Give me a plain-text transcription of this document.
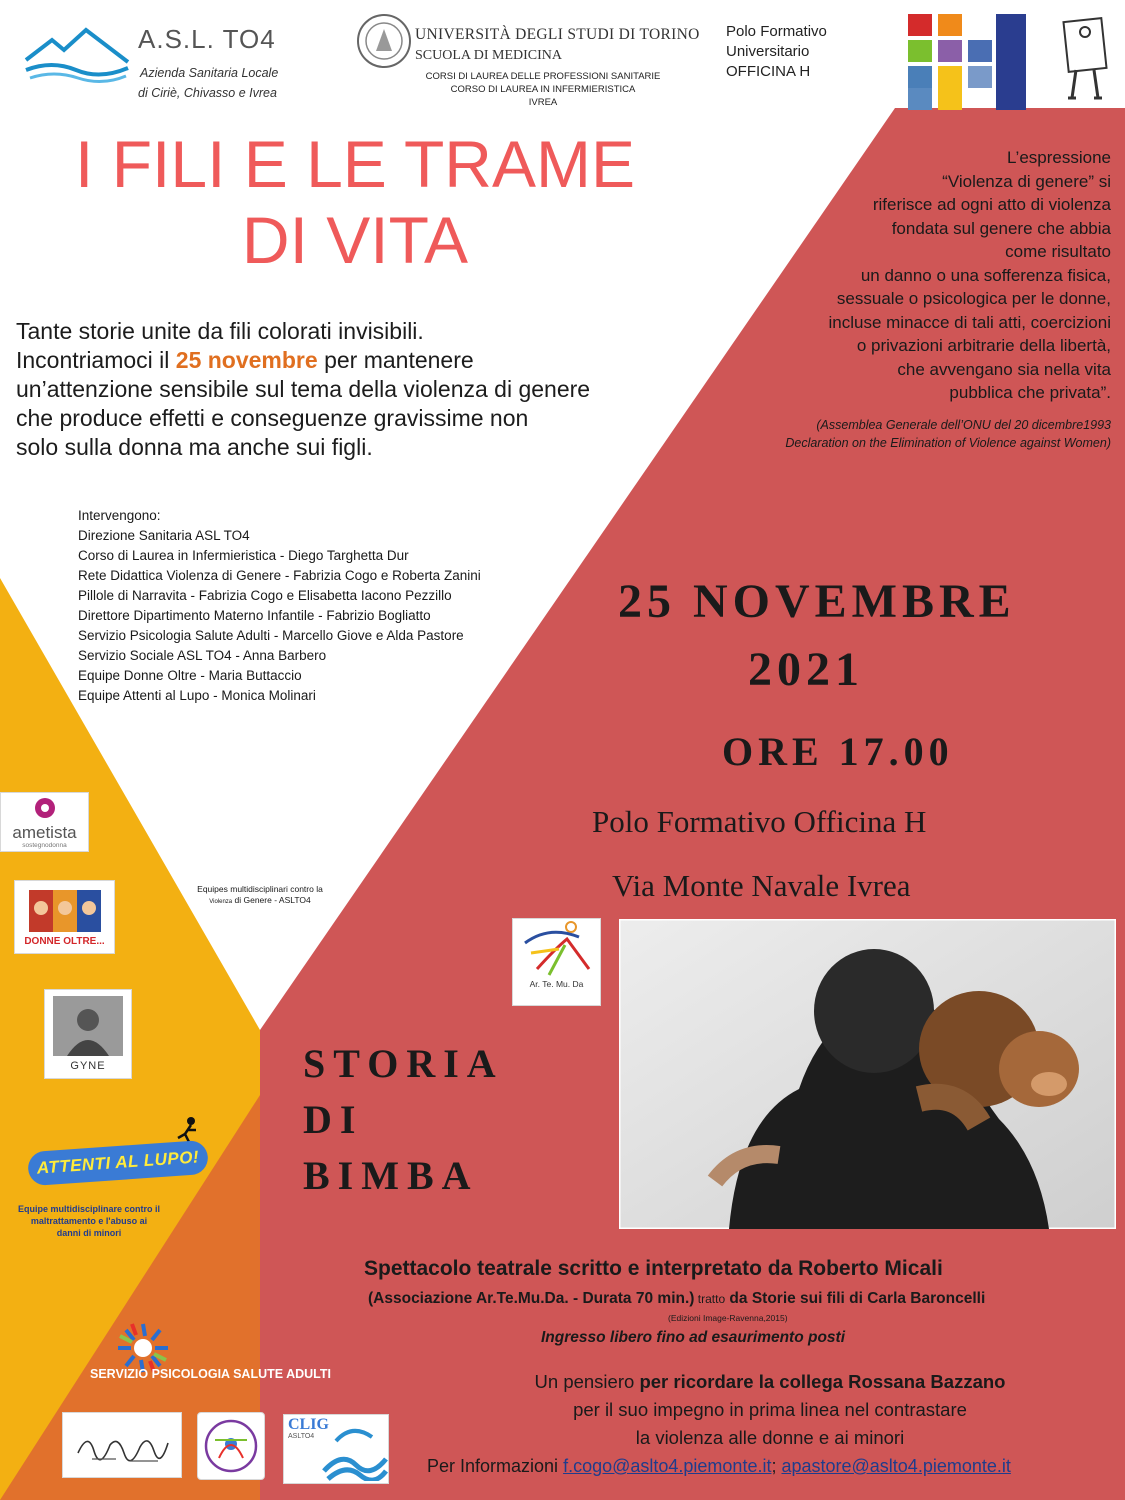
A.S.L. TO4
Azienda Sanitaria Locale
di Ciriè, Chivasso e Ivrea
UNIVERSITÀ DEGLI STUDI DI TORINO
SCUOLA DI MEDICINA
CORSI DI LAUREA DELLE PROFESSIONI SANITARIE
CORSO DI LAUREA IN INFERMIERISTICA
IVREA
Polo Formativo
Universitario
OFFICINA H
I FILI E LE TRAME
DI VITA
Tante storie unite da fili colorati invisibili.
Incontriamoci il 25 novembre per mantenere
un’attenzione sensibile sul tema della violenza di genere
che produce effetti e conseguenze gravissime non
solo sulla donna ma anche sui figli.
L’espressione
“Violenza di genere” si
riferisce ad ogni atto di violenza
fondata sul genere che abbia
come risultato
un danno o una sofferenza fisica,
sessuale o psicologica per le donne,
incluse minacce di tali atti, coercizioni
o privazioni arbitrarie della libertà,
che avvengano sia nella vita
pubblica che privata”.
(Assemblea Generale dell’ONU del 20 dicembre1993
Declaration on the Elimination of Violence against Women)
Intervengono:
Direzione Sanitaria ASL TO4
Corso di Laurea in Infermieristica - Diego Targhetta Dur
Rete Didattica Violenza di Genere - Fabrizia Cogo e Roberta Zanini
Pillole di Narravita - Fabrizia Cogo e Elisabetta Iacono Pezzillo
Direttore Dipartimento Materno Infantile - Fabrizio Bogliatto
Servizio Psicologia Salute Adulti - Marcello Giove e Alda Pastore
Servizio Sociale ASL TO4 - Anna Barbero
Equipe Donne Oltre - Maria Buttaccio
Equipe Attenti al Lupo - Monica Molinari
25 NOVEMBRE
2021
ORE 17.00
Polo Formativo Officina H
Via Monte Navale Ivrea
ametista
sostegnodonna
DONNE OLTRE...
Equipes multidisciplinari contro la
Violenza di Genere - ASLTO4
GYNE
ATTENTI AL LUPO!
Equipe multidisciplinare contro il
maltrattamento e l'abuso ai
danni di minori
SERVIZIO PSICOLOGIA SALUTE ADULTI
CLIG
ASLTO4
Ar. Te. Mu. Da
STORIA
DI
BIMBA
Spettacolo teatrale scritto e interpretato da Roberto Micali
(Associazione Ar.Te.Mu.Da. - Durata 70 min.) tratto da Storie sui fili di Carla Baroncelli
(Edizioni Image-Ravenna,2015)
Ingresso libero fino ad esaurimento posti
Un pensiero per ricordare la collega Rossana Bazzano
per il suo impegno in prima linea nel contrastare
la violenza alle donne e ai minori
Per Informazioni f.cogo@aslto4.piemonte.it; apastore@aslto4.piemonte.it
